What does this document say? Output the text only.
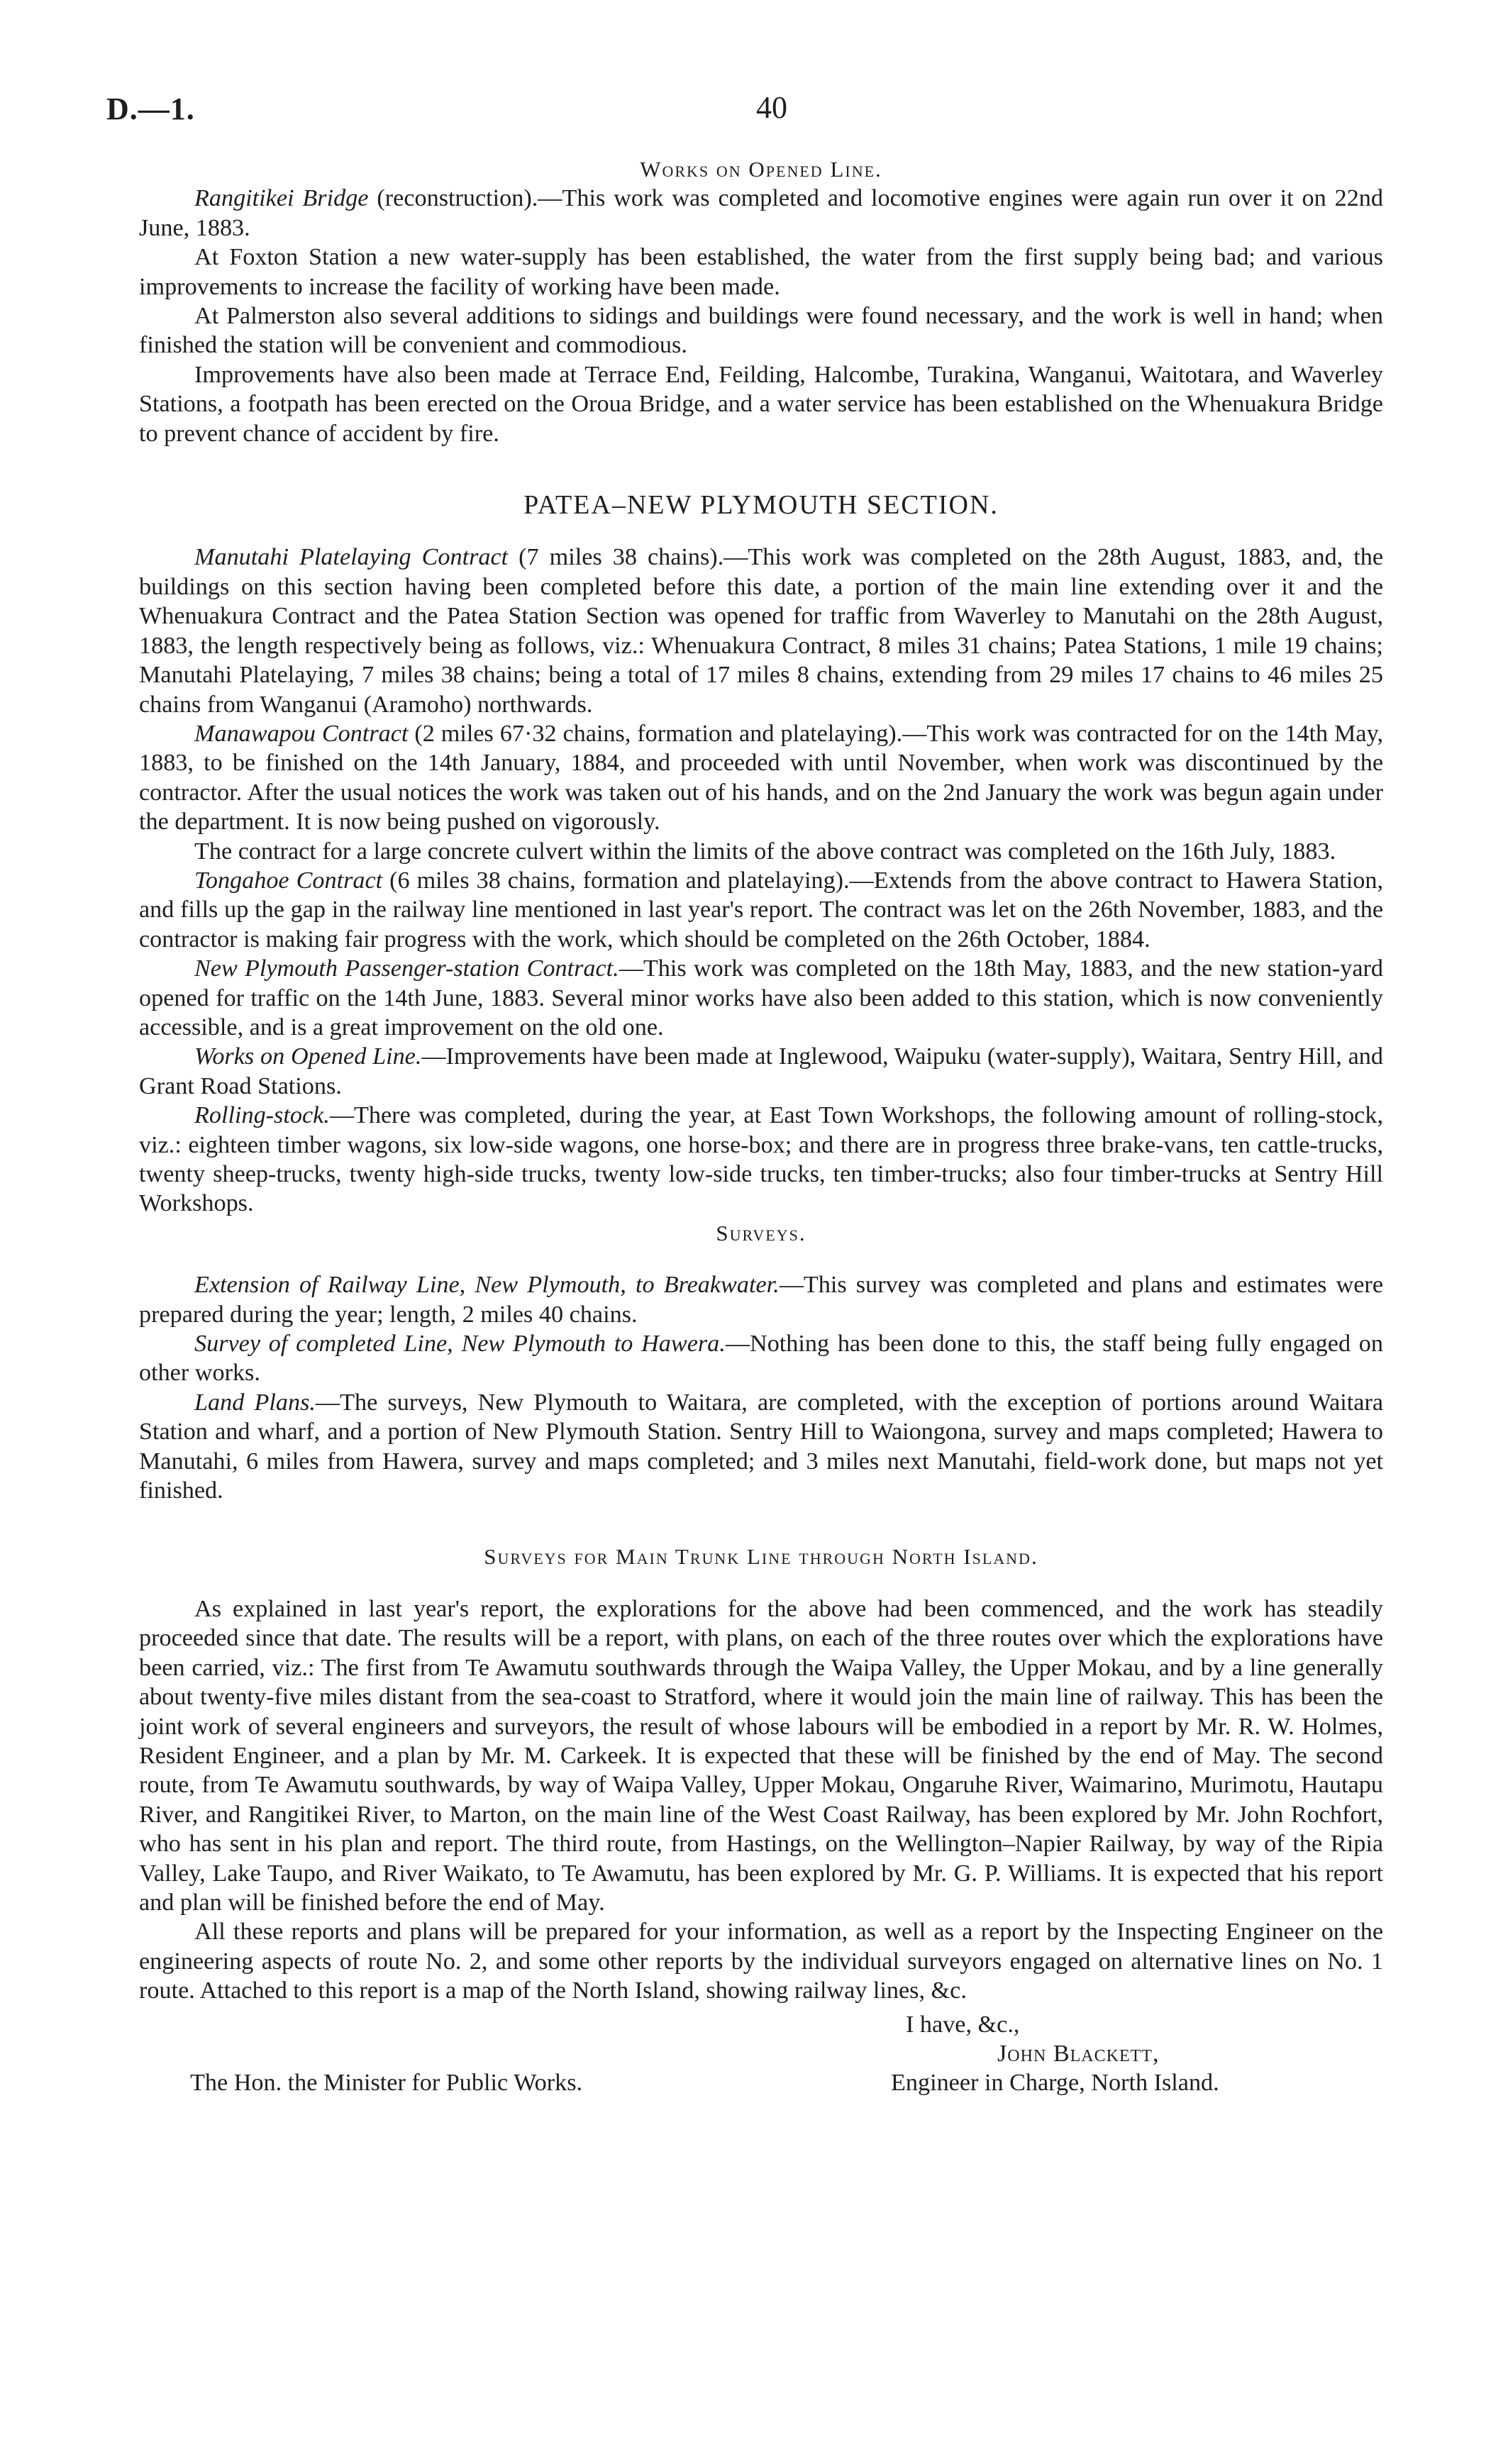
D.—1.	40
Works on Opened Line.

Rangitikei Bridge (reconstruction).—This work was completed and locomotive engines were again run over it on 22nd June, 1883.

At Foxton Station a new water-supply has been established, the water from the first supply being bad; and various improvements to increase the facility of working have been made.

At Palmerston also several additions to sidings and buildings were found necessary, and the work is well in hand; when finished the station will be convenient and commodious.

Improvements have also been made at Terrace End, Feilding, Halcombe, Turakina, Wanganui, Waitotara, and Waverley Stations, a footpath has been erected on the Oroua Bridge, and a water service has been established on the Whenuakura Bridge to prevent chance of accident by fire.

PATEA–NEW PLYMOUTH SECTION.

Manutahi Platelaying Contract (7 miles 38 chains).—This work was completed on the 28th August, 1883, and, the buildings on this section having been completed before this date, a portion of the main line extending over it and the Whenuakura Contract and the Patea Station Section was opened for traffic from Waverley to Manutahi on the 28th August, 1883, the length respectively being as follows, viz.: Whenuakura Contract, 8 miles 31 chains; Patea Stations, 1 mile 19 chains; Manutahi Platelaying, 7 miles 38 chains; being a total of 17 miles 8 chains, extending from 29 miles 17 chains to 46 miles 25 chains from Wanganui (Aramoho) northwards.

Manawapou Contract (2 miles 67·32 chains, formation and platelaying).—This work was contracted for on the 14th May, 1883, to be finished on the 14th January, 1884, and proceeded with until November, when work was discontinued by the contractor. After the usual notices the work was taken out of his hands, and on the 2nd January the work was begun again under the department. It is now being pushed on vigorously.

The contract for a large concrete culvert within the limits of the above contract was completed on the 16th July, 1883.

Tongahoe Contract (6 miles 38 chains, formation and platelaying).—Extends from the above contract to Hawera Station, and fills up the gap in the railway line mentioned in last year's report. The contract was let on the 26th November, 1883, and the contractor is making fair progress with the work, which should be completed on the 26th October, 1884.

New Plymouth Passenger-station Contract.—This work was completed on the 18th May, 1883, and the new station-yard opened for traffic on the 14th June, 1883. Several minor works have also been added to this station, which is now conveniently accessible, and is a great improvement on the old one.

Works on Opened Line.—Improvements have been made at Inglewood, Waipuku (water-supply), Waitara, Sentry Hill, and Grant Road Stations.

Rolling-stock.—There was completed, during the year, at East Town Workshops, the following amount of rolling-stock, viz.: eighteen timber wagons, six low-side wagons, one horse-box; and there are in progress three brake-vans, ten cattle-trucks, twenty sheep-trucks, twenty high-side trucks, twenty low-side trucks, ten timber-trucks; also four timber-trucks at Sentry Hill Workshops.

Surveys.

Extension of Railway Line, New Plymouth, to Breakwater.—This survey was completed and plans and estimates were prepared during the year; length, 2 miles 40 chains.

Survey of completed Line, New Plymouth to Hawera.—Nothing has been done to this, the staff being fully engaged on other works.

Land Plans.—The surveys, New Plymouth to Waitara, are completed, with the exception of portions around Waitara Station and wharf, and a portion of New Plymouth Station. Sentry Hill to Waiongona, survey and maps completed; Hawera to Manutahi, 6 miles from Hawera, survey and maps completed; and 3 miles next Manutahi, field-work done, but maps not yet finished.

Surveys for Main Trunk Line through North Island.

As explained in last year's report, the explorations for the above had been commenced, and the work has steadily proceeded since that date. The results will be a report, with plans, on each of the three routes over which the explorations have been carried, viz.: The first from Te Awamutu southwards through the Waipa Valley, the Upper Mokau, and by a line generally about twenty-five miles distant from the sea-coast to Stratford, where it would join the main line of railway. This has been the joint work of several engineers and surveyors, the result of whose labours will be embodied in a report by Mr. R. W. Holmes, Resident Engineer, and a plan by Mr. M. Carkeek. It is expected that these will be finished by the end of May. The second route, from Te Awamutu southwards, by way of Waipa Valley, Upper Mokau, Ongaruhe River, Waimarino, Murimotu, Hautapu River, and Rangitikei River, to Marton, on the main line of the West Coast Railway, has been explored by Mr. John Rochfort, who has sent in his plan and report. The third route, from Hastings, on the Wellington–Napier Railway, by way of the Ripia Valley, Lake Taupo, and River Waikato, to Te Awamutu, has been explored by Mr. G. P. Williams. It is expected that his report and plan will be finished before the end of May.

All these reports and plans will be prepared for your information, as well as a report by the Inspecting Engineer on the engineering aspects of route No. 2, and some other reports by the individual surveyors engaged on alternative lines on No. 1 route. Attached to this report is a map of the North Island, showing railway lines, &c.

I have, &c.,
John Blackett,
Engineer in Charge, North Island.
The Hon. the Minister for Public Works.
